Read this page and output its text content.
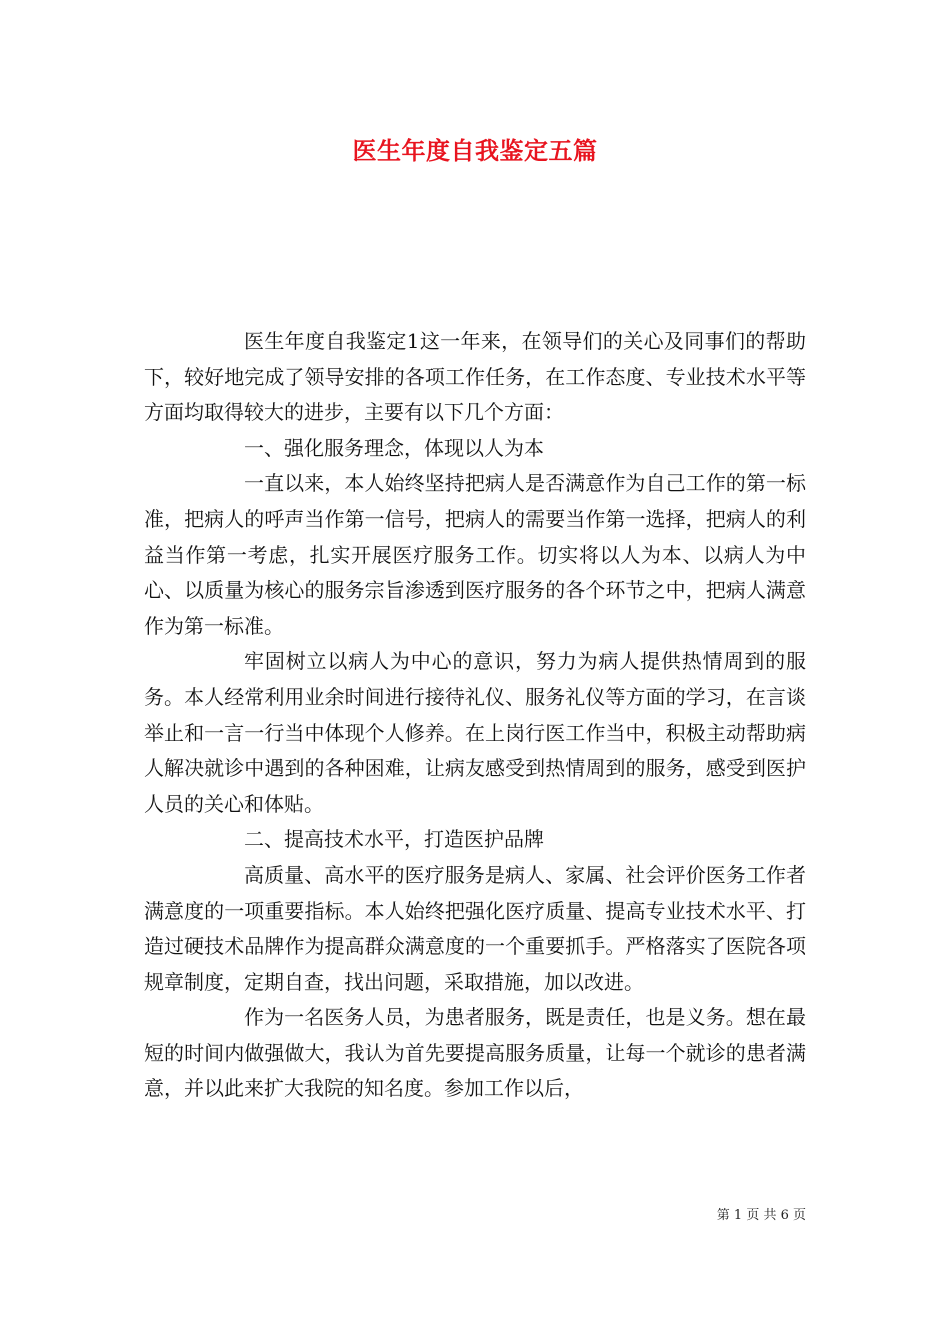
医生年度自我鉴定五篇

医生年度自我鉴定1这一年来，在领导们的关心及同事们的帮助下，较好地完成了领导安排的各项工作任务，在工作态度、专业技术水平等方面均取得较大的进步，主要有以下几个方面：

一、强化服务理念，体现以人为本

一直以来，本人始终坚持把病人是否满意作为自己工作的第一标准，把病人的呼声当作第一信号，把病人的需要当作第一选择，把病人的利益当作第一考虑，扎实开展医疗服务工作。切实将以人为本、以病人为中心、以质量为核心的服务宗旨渗透到医疗服务的各个环节之中，把病人满意作为第一标准。

牢固树立以病人为中心的意识，努力为病人提供热情周到的服务。本人经常利用业余时间进行接待礼仪、服务礼仪等方面的学习，在言谈举止和一言一行当中体现个人修养。在上岗行医工作当中，积极主动帮助病人解决就诊中遇到的各种困难，让病友感受到热情周到的服务，感受到医护人员的关心和体贴。

二、提高技术水平，打造医护品牌

高质量、高水平的医疗服务是病人、家属、社会评价医务工作者满意度的一项重要指标。本人始终把强化医疗质量、提高专业技术水平、打造过硬技术品牌作为提高群众满意度的一个重要抓手。严格落实了医院各项规章制度，定期自查，找出问题，采取措施，加以改进。

作为一名医务人员，为患者服务，既是责任，也是义务。想在最短的时间内做强做大，我认为首先要提高服务质量，让每一个就诊的患者满意，并以此来扩大我院的知名度。参加工作以后，

第 1 页 共 6 页
